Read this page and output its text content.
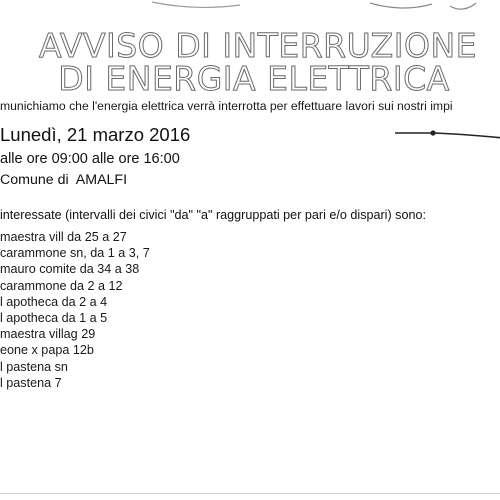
AVVISO DI INTERRUZIONE
DI ENERGIA ELETTRICA
munichiamo che l'energia elettrica verrà interrotta per effettuare lavori sui nostri impi
Lunedì, 21 marzo 2016
alle ore 09:00 alle ore 16:00
Comune di AMALFI
interessate (intervalli dei civici "da" "a" raggruppati per pari e/o dispari) sono:
maestra vill da 25 a 27
carammone sn, da 1 a 3, 7
mauro comite da 34 a 38
carammone da 2 a 12
l apotheca da 2 a 4
l apotheca da 1 a 5
maestra villag 29
eone x papa 12b
l pastena sn
l pastena 7
